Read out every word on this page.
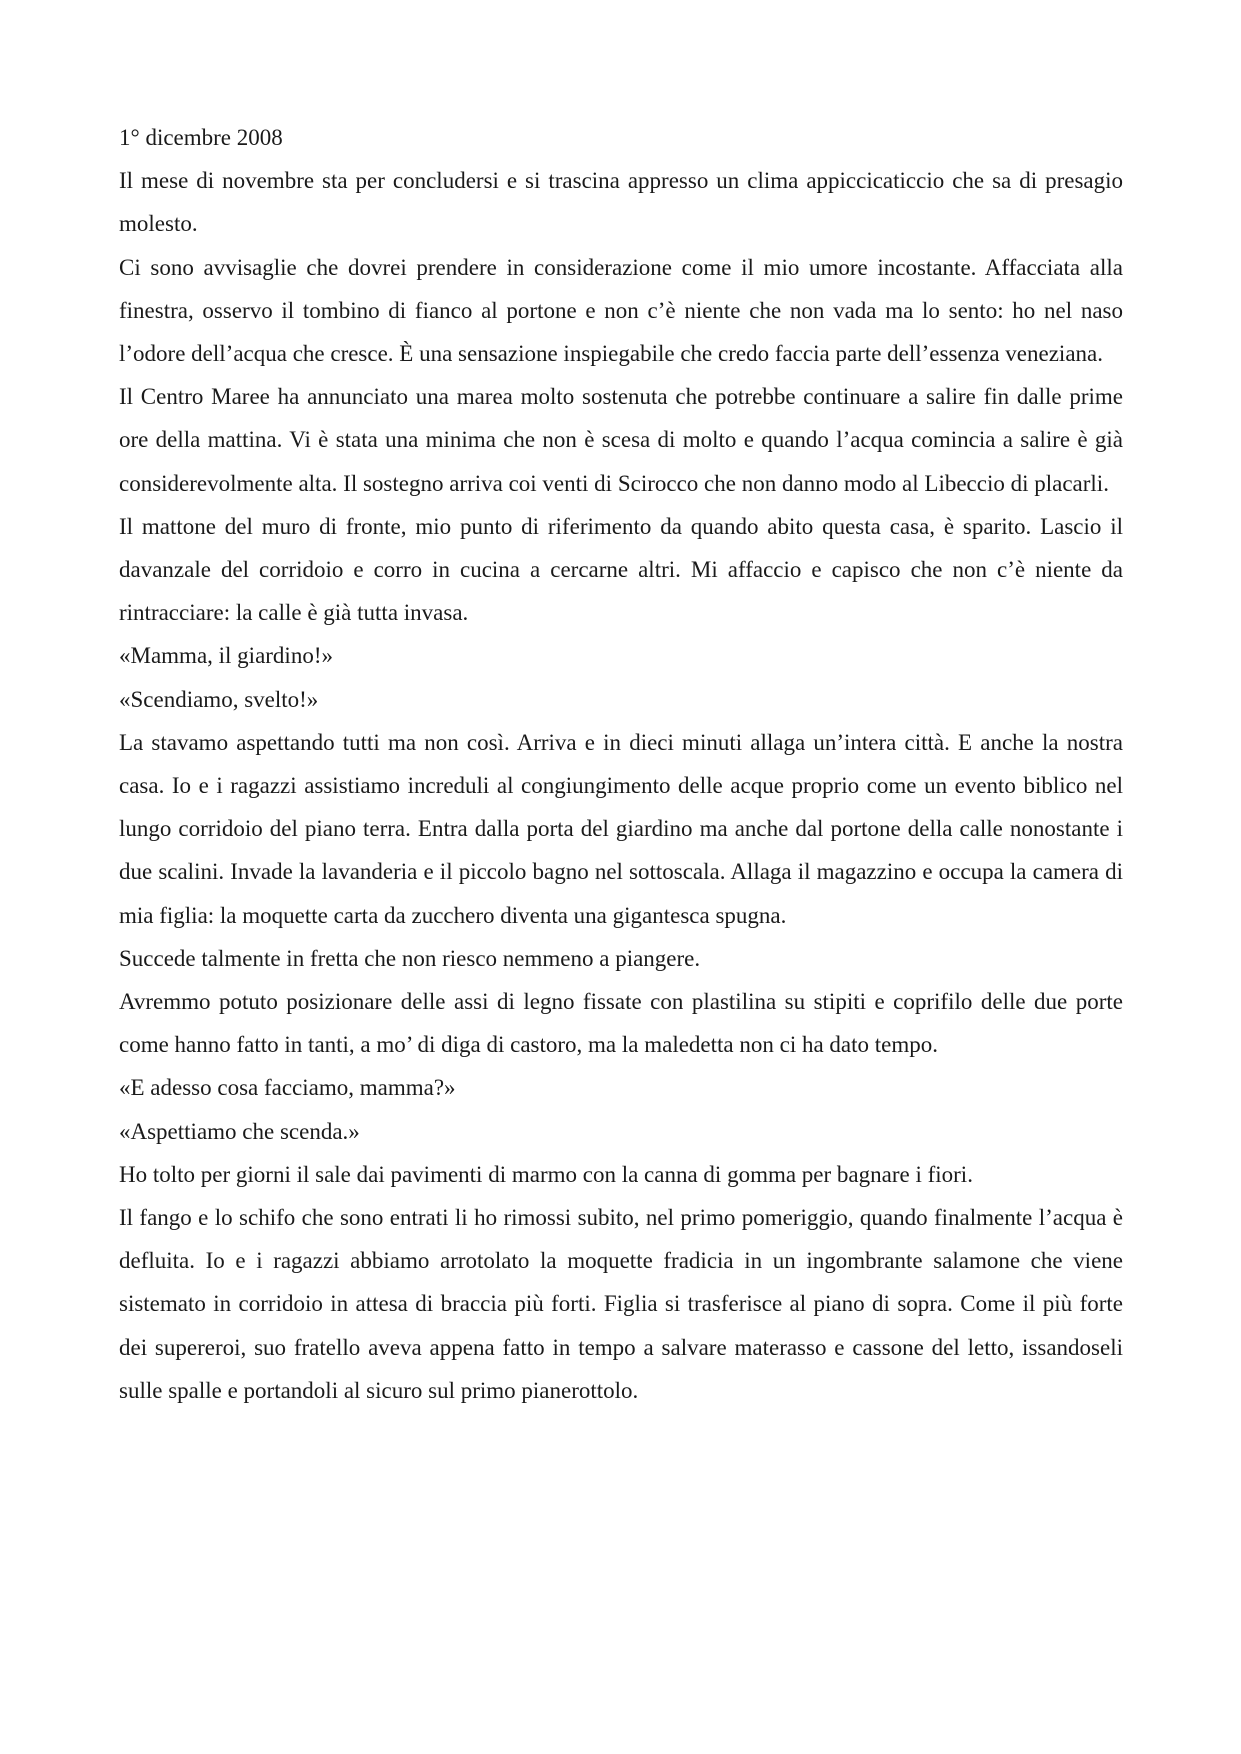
1° dicembre 2008

Il mese di novembre sta per concludersi e si trascina appresso un clima appiccicaticcio che sa di presagio molesto.

Ci sono avvisaglie che dovrei prendere in considerazione come il mio umore incostante. Affacciata alla finestra, osservo il tombino di fianco al portone e non c’è niente che non vada ma lo sento: ho nel naso l’odore dell’acqua che cresce. È una sensazione inspiegabile che credo faccia parte dell’essenza veneziana.

Il Centro Maree ha annunciato una marea molto sostenuta che potrebbe continuare a salire fin dalle prime ore della mattina. Vi è stata una minima che non è scesa di molto e quando l’acqua comincia a salire è già considerevolmente alta. Il sostegno arriva coi venti di Scirocco che non danno modo al Libeccio di placarli.

Il mattone del muro di fronte, mio punto di riferimento da quando abito questa casa, è sparito. Lascio il davanzale del corridoio e corro in cucina a cercarne altri. Mi affaccio e capisco che non c’è niente da rintracciare: la calle è già tutta invasa.

«Mamma, il giardino!»

«Scendiamo, svelto!»

La stavamo aspettando tutti ma non così. Arriva e in dieci minuti allaga un’intera città. E anche la nostra casa. Io e i ragazzi assistiamo increduli al congiungimento delle acque proprio come un evento biblico nel lungo corridoio del piano terra. Entra dalla porta del giardino ma anche dal portone della calle nonostante i due scalini. Invade la lavanderia e il piccolo bagno nel sottoscala. Allaga il magazzino e occupa la camera di mia figlia: la moquette carta da zucchero diventa una gigantesca spugna.

Succede talmente in fretta che non riesco nemmeno a piangere.

Avremmo potuto posizionare delle assi di legno fissate con plastilina su stipiti e coprifilo delle due porte come hanno fatto in tanti, a mo’ di diga di castoro, ma la maledetta non ci ha dato tempo.

«E adesso cosa facciamo, mamma?»

«Aspettiamo che scenda.»

Ho tolto per giorni il sale dai pavimenti di marmo con la canna di gomma per bagnare i fiori.

Il fango e lo schifo che sono entrati li ho rimossi subito, nel primo pomeriggio, quando finalmente l’acqua è defluita. Io e i ragazzi abbiamo arrotolato la moquette fradicia in un ingombrante salamone che viene sistemato in corridoio in attesa di braccia più forti. Figlia si trasferisce al piano di sopra. Come il più forte dei supereroi, suo fratello aveva appena fatto in tempo a salvare materasso e cassone del letto, issandoseli sulle spalle e portandoli al sicuro sul primo pianerottolo.
